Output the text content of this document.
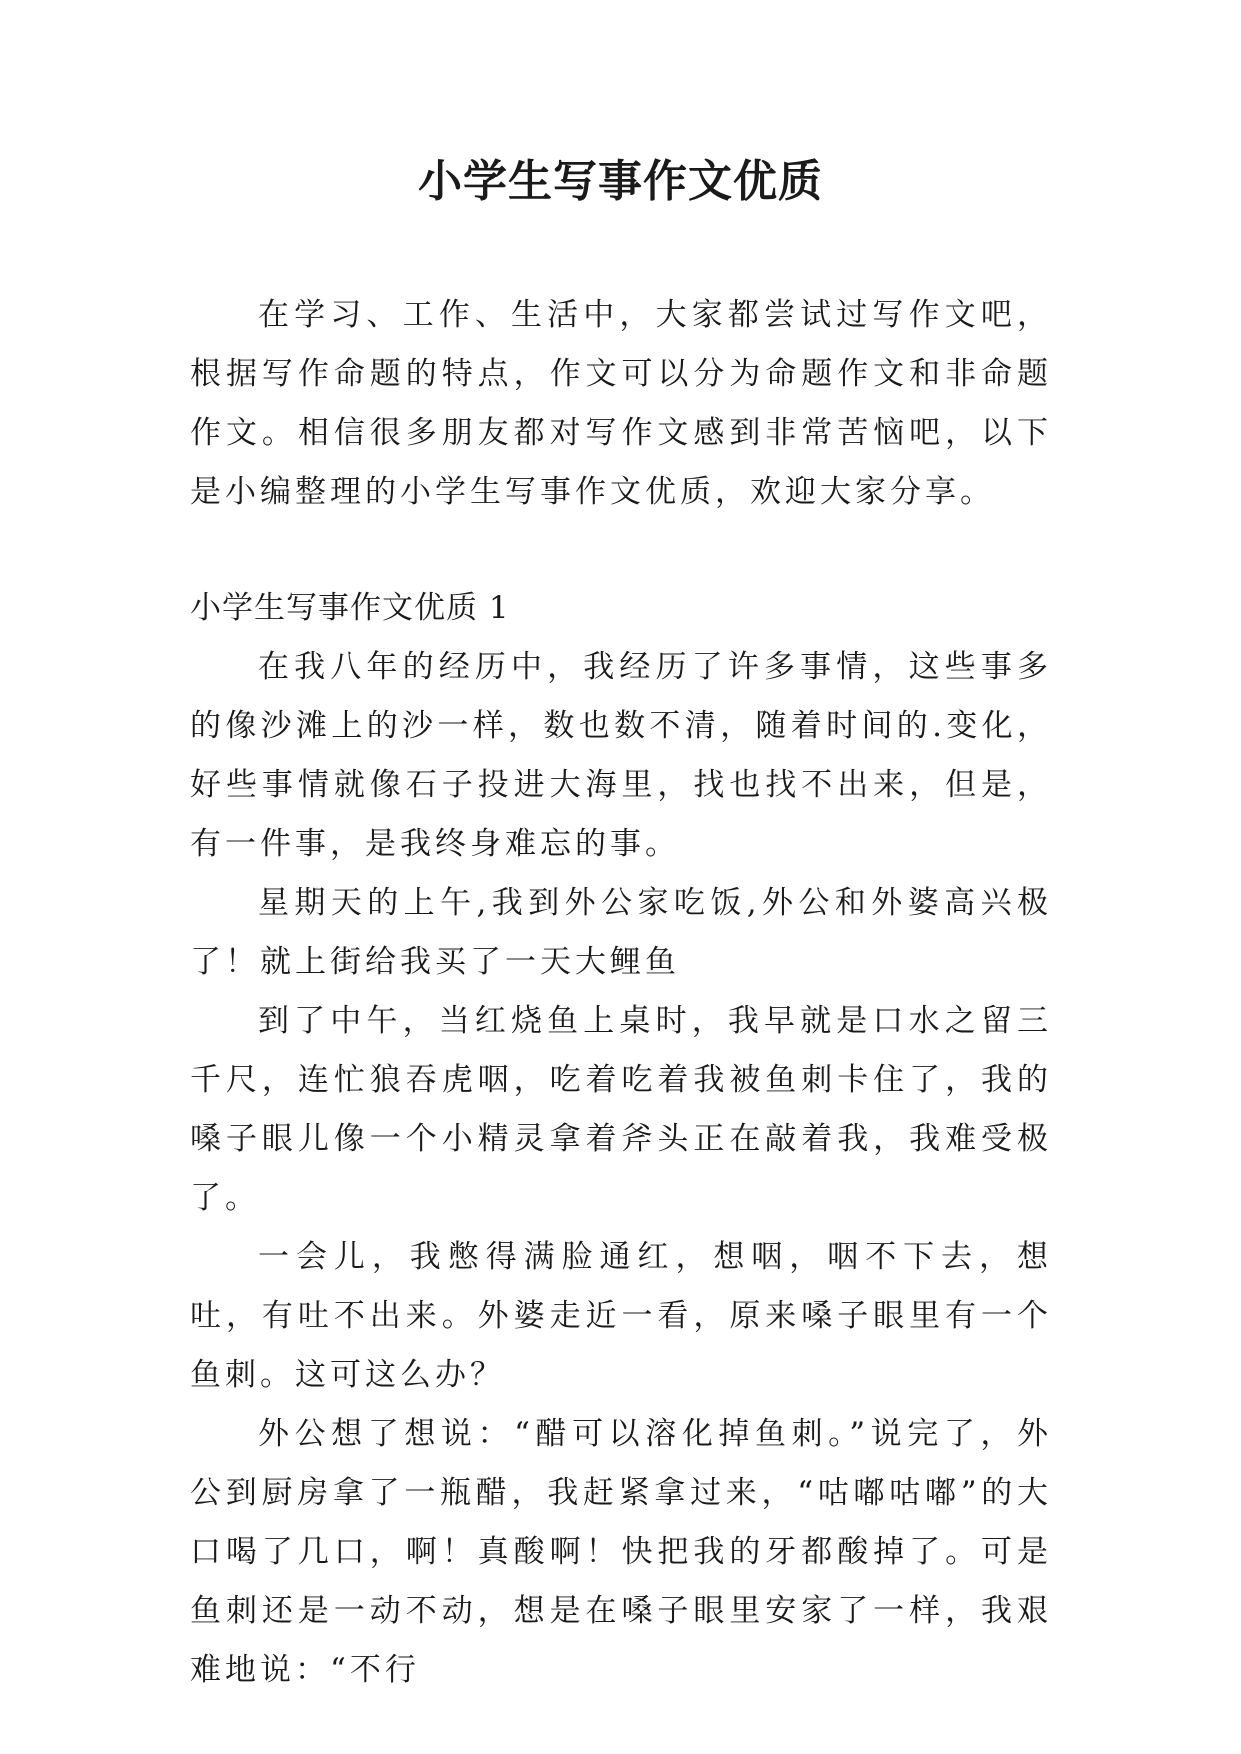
小学生写事作文优质

在学习、工作、生活中，大家都尝试过写作文吧，根据写作命题的特点，作文可以分为命题作文和非命题作文。相信很多朋友都对写作文感到非常苦恼吧，以下是小编整理的小学生写事作文优质，欢迎大家分享。

小学生写事作文优质 1

在我八年的经历中，我经历了许多事情，这些事多的像沙滩上的沙一样，数也数不清，随着时间的.变化，好些事情就像石子投进大海里，找也找不出来，但是，有一件事，是我终身难忘的事。

星期天的上午,我到外公家吃饭,外公和外婆高兴极了！就上街给我买了一天大鲤鱼

到了中午，当红烧鱼上桌时，我早就是口水之留三千尺，连忙狼吞虎咽，吃着吃着我被鱼刺卡住了，我的嗓子眼儿像一个小精灵拿着斧头正在敲着我，我难受极了。

一会儿，我憋得满脸通红，想咽，咽不下去，想吐，有吐不出来。外婆走近一看，原来嗓子眼里有一个鱼刺。这可这么办？

外公想了想说：“醋可以溶化掉鱼刺。”说完了，外公到厨房拿了一瓶醋，我赶紧拿过来，“咕嘟咕嘟”的大口喝了几口，啊！真酸啊！快把我的牙都酸掉了。可是鱼刺还是一动不动，想是在嗓子眼里安家了一样，我艰难地说：“不行
